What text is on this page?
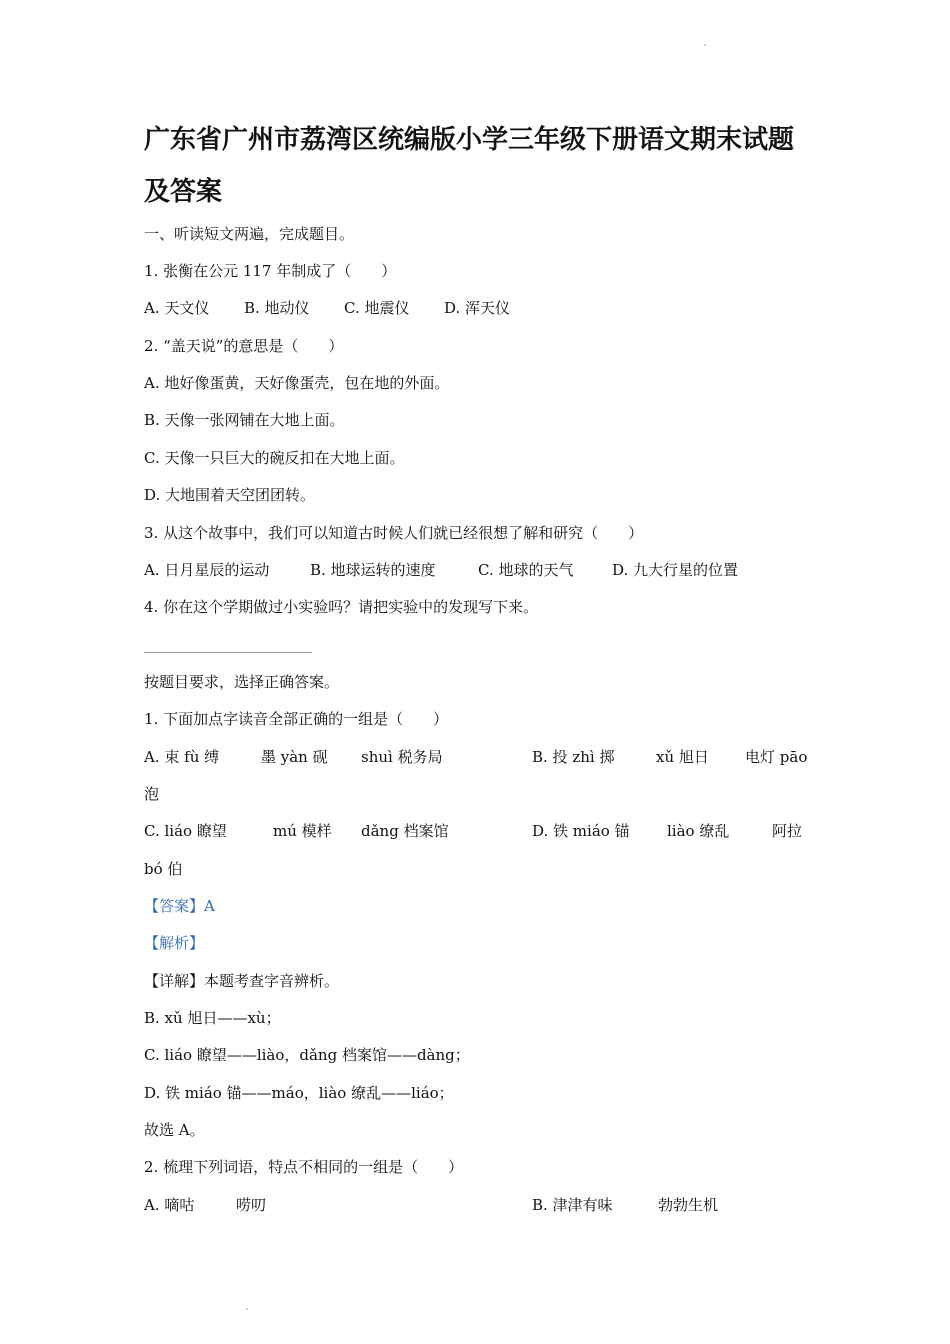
广东省广州市荔湾区统编版小学三年级下册语文期末试题
及答案
一、听读短文两遍，完成题目。
1. 张衡在公元 117 年制成了（　　）
A. 天文仪 B. 地动仪 C. 地震仪 D. 浑天仪
2. “盖天说”的意思是（　　）
A. 地好像蛋黄，天好像蛋壳，包在地的外面。
B. 天像一张网铺在大地上面。
C. 天像一只巨大的碗反扣在大地上面。
D. 大地围着天空团团转。
3. 从这个故事中，我们可以知道古时候人们就已经很想了解和研究（　　）
A. 日月星辰的运动	B. 地球运转的速度	C. 地球的天气	D. 九大行星的位置
4. 你在这个学期做过小实验吗？请把实验中的发现写下来。
按题目要求，选择正确答案。
1. 下面加点字读音全部正确的一组是（　　）
A. 束 fù 缚	墨 yàn 砚 shuì 税务局	B. 投 zhì 掷	xǔ 旭日 电灯 pāo
泡
C. liáo 瞭望	mú 模样 dǎng 档案馆	D. 铁 miáo 锚 liào 缭乱	阿拉
bó 伯
【答案】A
【解析】
【详解】本题考查字音辨析。
B. xǔ 旭日——xù；
C. liáo 瞭望——liào，dǎng 档案馆——dàng；
D. 铁 miáo 锚——máo，liào 缭乱——liáo；
故选 A。
2. 梳理下列词语，特点不相同的一组是（　　）
A. 嘀咕	唠叨	B. 津津有味	勃勃生机
